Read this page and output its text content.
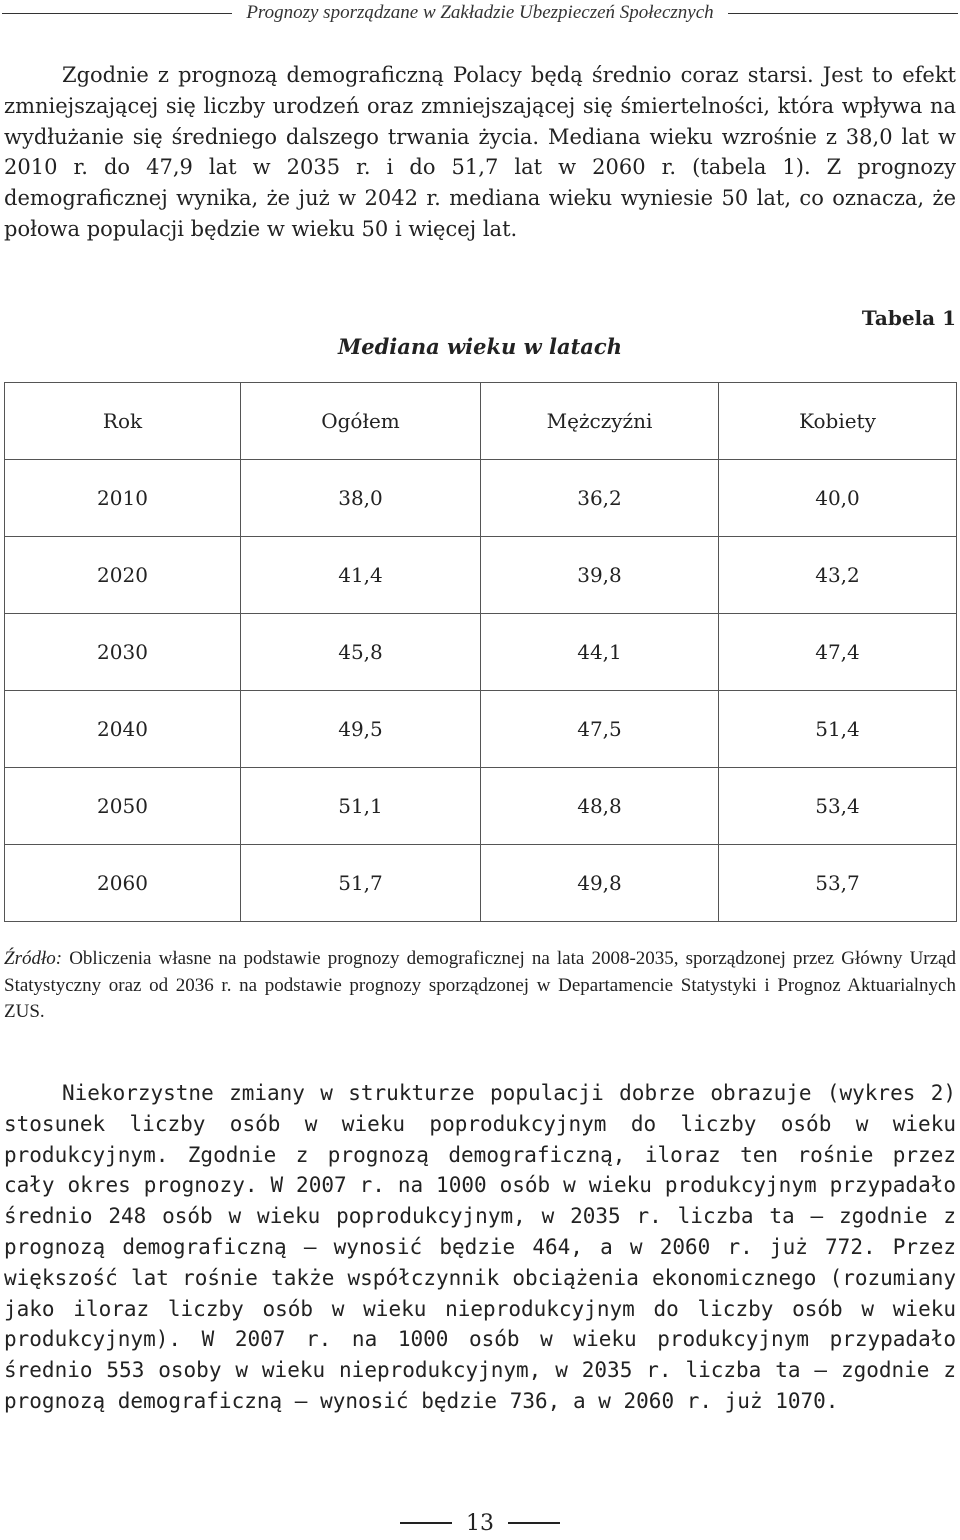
Prognozy sporządzane w Zakładzie Ubezpieczeń Społecznych

Zgodnie z prognozą demograficzną Polacy będą średnio coraz starsi. Jest to efekt zmniejszającej się liczby urodzeń oraz zmniejszającej się śmiertelności, która wpływa na wydłużanie się średniego dalszego trwania życia. Mediana wieku wzrośnie z 38,0 lat w 2010 r. do 47,9 lat w 2035 r. i do 51,7 lat w 2060 r. (tabela 1). Z prognozy demograficznej wynika, że już w 2042 r. mediana wieku wyniesie 50 lat, co oznacza, że połowa populacji będzie w wieku 50 i więcej lat.

Tabela 1
Mediana wieku w latach
Rok	Ogółem	Mężczyźni	Kobiety
2010	38,0	36,2	40,0
2020	41,4	39,8	43,2
2030	45,8	44,1	47,4
2040	49,5	47,5	51,4
2050	51,1	48,8	53,4
2060	51,7	49,8	53,7

Źródło: Obliczenia własne na podstawie prognozy demograficznej na lata 2008-2035, sporządzonej przez Główny Urząd Statystyczny oraz od 2036 r. na podstawie prognozy sporządzonej w Departamencie Statystyki i Prognoz Aktuarialnych ZUS.

Niekorzystne zmiany w strukturze populacji dobrze obrazuje (wykres 2) stosunek liczby osób w wieku poprodukcyjnym do liczby osób w wieku produkcyjnym. Zgodnie z prognozą demograficzną, iloraz ten rośnie przez cały okres prognozy. W 2007 r. na 1000 osób w wieku produkcyjnym przypadało średnio 248 osób w wieku poprodukcyjnym, w 2035 r. liczba ta – zgodnie z prognozą demograficzną – wynosić będzie 464, a w 2060 r. już 772. Przez większość lat rośnie także współczynnik obciążenia ekonomicznego (rozumiany jako iloraz liczby osób w wieku nieprodukcyjnym do liczby osób w wieku produkcyjnym). W 2007 r. na 1000 osób w wieku produkcyjnym przypadało średnio 553 osoby w wieku nieprodukcyjnym, w 2035 r. liczba ta – zgodnie z prognozą demograficzną – wynosić będzie 736, a w 2060 r. już 1070.

13
